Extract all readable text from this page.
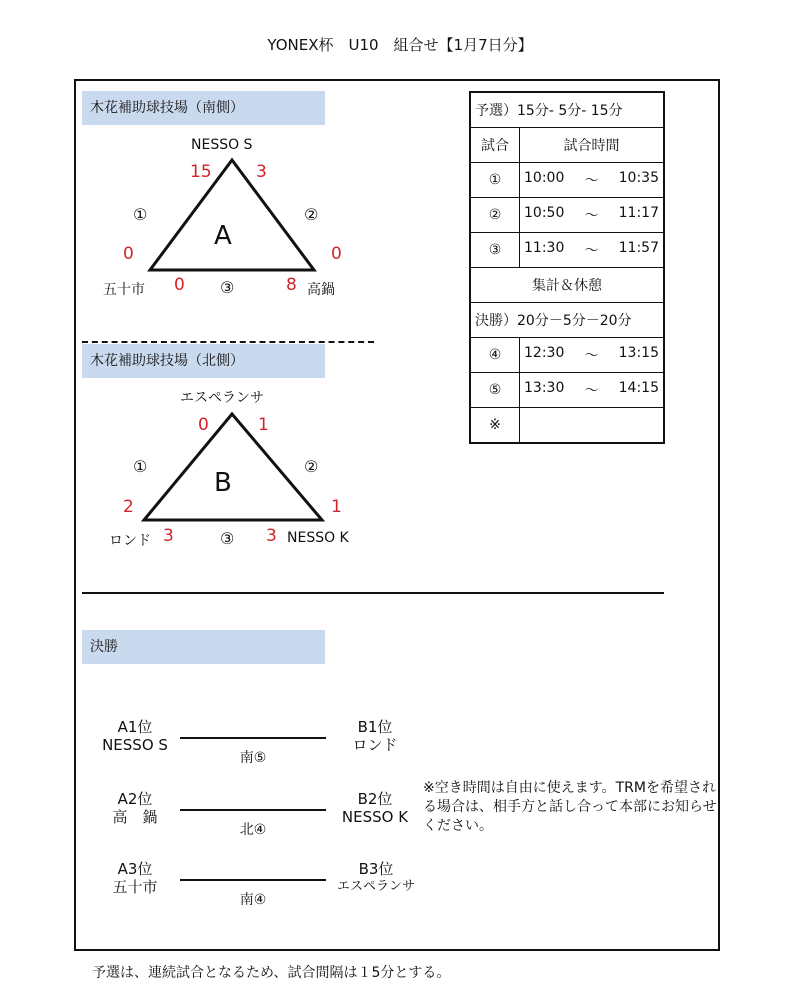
YONEX杯　U10　組合せ【1月7日分】
木花補助球技場（南側）
NESSO S
15	3
①	②
A
0	0
五十市 0 ③	8 高鍋
木花補助球技場（北側）
エスペランサ
0	1
①	②
B
2	1
ロンド 3	③ 3 NESSO K
予選）15分- 5分- 15分	
試合	試合時間
①	10:00 ～ 10:35

②	10:50 ～ 11:17

③	11:30 ～ 11:57

集計＆休憩	
決勝）20分－5分－20分	
④	12:30 ～ 13:15

⑤	13:30 ～ 14:15

※	
決勝
A1位
NESSO S
南⑤
B1位
ロンド
A2位
高　鍋
北④
B2位
NESSO K
A3位
五十市
南④
B3位
エスペランサ
※空き時間は自由に使えます。TRMを希望される場合は、相手方と話し合って本部にお知らせください。
予選は、連続試合となるため、試合間隔は１5分とする。
